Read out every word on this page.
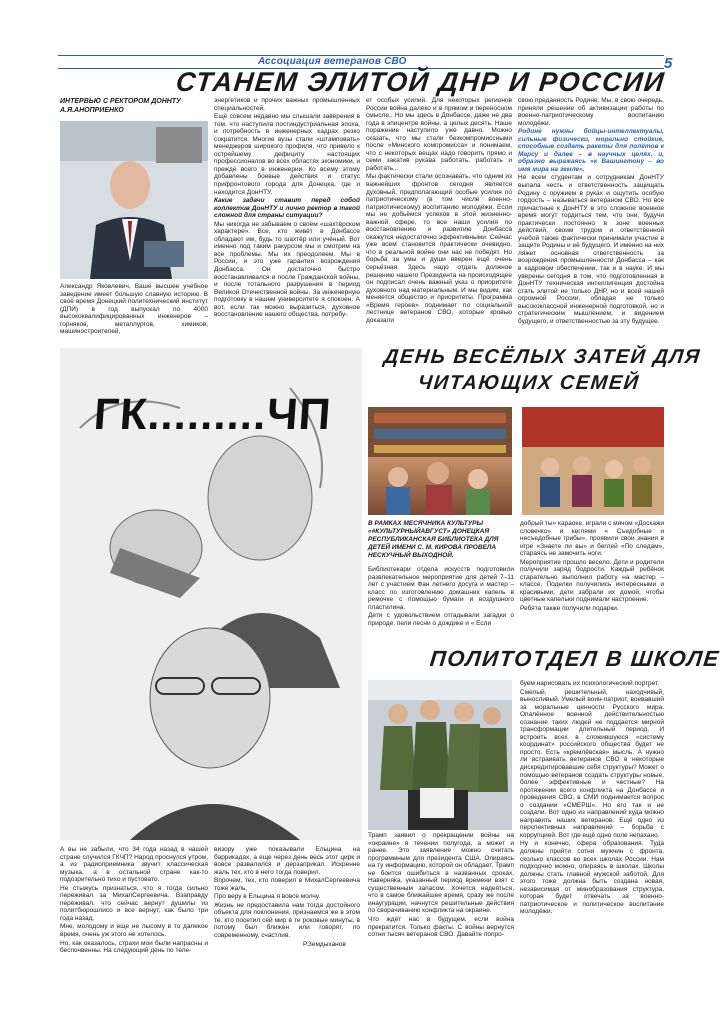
Ассоциация ветеранов СВО	5
СТАНЕМ ЭЛИТОЙ ДНР И РОССИИ
ИНТЕРВЬЮ С РЕКТОРОМ ДОННТУ А.Я.АНОПРИЕНКО

Александр Яковлевич, Ваше высшее учебное заведение имеет большую славную историю. В своё время Донецкий политехнический институт (ДПИ) в год выпускал по 4000 высококвалифицированных инженеров – горняков, металлургов, химиков, машиностроителей,

энергетиков и прочих важных промышленных специальностей.

Ещё совсем недавно мы слышали заверения в том, что наступила постиндустриальная эпоха, и потребность в инженерных кадрах резко сократится. Многие вузы стали «штамповать» менеджеров широкого профиля, что привело к острейшему дефициту настоящих профессионалов во всех областях экономики, и прежде всего в инженерии. Ко всему этому добавлены боевые действия и статус прифронтового города для Донецка, где и находится ДонНТУ.

Какие задачи ставит перед собой коллектив ДонНТУ и лично ректор в такой сложной для страны ситуации?

Мы никогда не забываем о своём «шахтёрском характере». Все, кто живёт в Донбассе обладают им, будь то шахтёр или учёный. Вот именно под таким ракурсом мы и смотрим на все проблемы. Мы их преодолеем. Мы в России, и это уже гарантия возрождения Донбасса. Он достаточно быстро восстанавливался и после Гражданской войны, и после тотального разрушения в период Великой Отечественной войны. За инженерную подготовку в нашем университете я спокоен. А вот, если так можно выразиться, духовное восстановление нашего общества, потребу-

ет особых усилий. Для некоторых регионов России война далеко и в прямом и переносном смысле.. Но мы здесь в Донбассе, даже не два года в эпицентре войны, а целых десять. Наше поражение наступило уже давно. Можно сказать, что мы стали безкомпромиссными после «Минского компромисса» и понимаем, что с некоторых вещах надо говорить прямо и семи закатив рукава работать, работать и работать...

Мы фактически стали осознавать, что одним из важнейших фронтов сегодня является духовный, предполагающий особые усилия по патриотическому (в том числе военно-патриотическому) воспитанию молодёжи. Если мы не добьёмся успехов в этой жизненно-важной сфере, то все наши усилия по восстановлению и развитию Донбасса окажутся недостаточно эффективными. Сейчас уже всем становится практически очевидно, что в реальной войне они нас не победят. Но борьба за умы и души вверен ещё очень серьёзная. Здесь надо отдать должное решению нашего Президента на происходящее он подписал очень важный указ о приоритете духовного над материальным. И мы видим, как меняется общество и приоритеты. Программа «Время героев» поднимает по социальной лестнице ветеранов СВО, которые кровью доказали

свою преданность Родине. Мы, в свою очередь, приняли решение об активизации работы по военно-патриотическому воспитанию молодёжи.

Родине нужны бойцы-интеллектуалы, сильные физически, морально стойкие, способные создать ракеты для полётов к Марсу и далее – в научных целях, и, образно выражаясь «к Вашингтону – во имя мира на земле».

Не всем студентам и сотрудникам ДонНТУ выпала честь и ответственность защищать Родину с оружием в руках и ощутить особую гордость – называться ветераном СВО. Но все причастные к ДонНТУ в это сложное военное время могут гордиться тем, что они, будучи практически постоянно в зоне военных действий, своим трудом и ответственной учебой также фактически принимали участие в защите Родины и её будущего. И именно на них ляжет основная ответственность за возрождения промышленности Донбасса – как в кадровом обеспечении, так и в науке. И мы уверены сегодня в том, что подготовленная в ДонНТУ техническая интеллигенция достойна стать элитой не только ДНР, но и всей нашей огромной России, обладая не только высококлассной инженерной подготовкой, но и стратегическим мышлением, и видением будущего, и ответственностью за эту будущее.

ГК.........ЧП

А вы не забыли, что 34 года назад в нашей стране случился ГКЧП? Народ проснулся утром, а из радиоприемника звучит классическая музыка, а в остальной стране как-то подозрительно тихо и пустовато.

Не стыжусь признаться, что я тогда сильно переживал за МихалСергеевича. Взаправду переживал, что сейчас вернут душилы из политбюрошлисо и все вернут, как было три года назад.

Мне, молодому и еще не лысому в то далекое время, очень уж этого не хотелось.

Но, как оказалось, страхи мои были напрасны и беспочвенны. На следующий день по теле-

визору уже показывали Ельцина на баррикадах, а еще через день весь этот цирк и вовсе развалился и дерзаприкал. Искренне жаль тех, кто в него тогда поверил.

Впрочем, тех, кто поверил в МихалСергеевича тоже жаль.

Про веру в Ельцина я вовсе молчу.

Жизнь не предоставила нам тогда достойного объекта для поклонения, признаемся же в этом те, кто посетил сей мир в те роковые минуты, в потому был ближен или говорят, по современному, счастлив.

Р.Земдыханов
ДЕНЬ ВЕСЁЛЫХ ЗАТЕЙ ДЛЯ
ЧИТАЮЩИХ СЕМЕЙ
В РАМКАХ МЕСЯЧНИКА КУЛЬТУРЫ «#КУЛЬТУРНЫЙАВГУСТ» ДОНЕЦКАЯ РЕСПУБЛИКАНСКАЯ БИБЛИОТЕКА ДЛЯ ДЕТЕЙ ИМЕНИ С. М. КИРОВА ПРОВЕЛА НЕСКУЧНЫЙ ВЫХОДНОЙ.

Библиотекари отдела искусств подготовили развлекательное мероприятие для детей 7–11 лет с участием Фан летнего досуга и мастер – класс по изготовлению домашних капель в ремочке с помощью бумаги и воздушного пластилина.

Дети с удовольствием отгадывали загадки о природе, пели песни о дождике и « Если

добрый ты» караоке, играли с мячом «Доскажи словечко» и кеглями « Съедобные и несъедобные грибы», проявили свои знания в игре «Знаете ли вы» и беглей «По следам», стараясь не замочить ноги.

Мероприятие прошло весело. Дети и родители получили заряд бодрости. Каждый ребёнок старательно выполнил работу на мастер – классе. Поделки получились интересными и красивыми, дети забрали их домой, чтобы цветные капельки поднимали настроение.

Ребята также получили подарки.

ПОЛИТОТДЕЛ В ШКОЛЕ

Трамп заявил о прекращении войны на «окраине» в течении полугода, а может и ранее. Это заявление можно считать программным для президента США. Опираясь на ту информацию, которой он обладает, Трамп не боится ошибиться в названных сроках. Наверняка, указанный период времени взят с существенным запасом. Хочется надеяться, что в самое ближайшее время, сразу же после инаугурации, начнутся решительные действия по сворачиванию конфликта на окраине.

Что ждёт нас в будущем, если война прекратится. Только факты. С войны вернутся сотни тысяч ветеранов СВО. Давайте попро-

буем нарисовать их психологический портрет.

Смелый, решительный, находчивый, выносливый. Умелый воин-патриот, воевавший за моральные ценности Русского мира. Опалённое военной действительностью сознание таких людей не поддается мирной трансформации длительный период. И встроить всех в сложившуюся «систему координат» российского общества будет не просто. Есть «кремлёвская» мысль. А нужно ли встраивать ветеранов СВО в некоторые дискредитировавшие себя структуры? Может о помощью ветеранов создать структуры новые, более эффективные и честные? На протяжении всего конфликта на Донбассе и проведения СВО, в СМИ поднимается вопрос о создании «СМЕРШ». Но его так и не создали. Вот одно из направлений куда можно направить наших ветеранов. Ещё одно из перспективных направлений – борьба с коррупцией. Вот где ещё одно поле непахано.

Ну и конечно, сфера образования. Туда должны прийти сотни мужчин с фронта, сколько классов во всех школах России. Нам подходчно можно, опираясь в школах. Школы должны стать главной мужской заботой. Для этого тоже должна быть создана новая, независимая от минобразования структура, которая будет отвечать за военно-патриотическое и политическое воспитание молодёжи.
